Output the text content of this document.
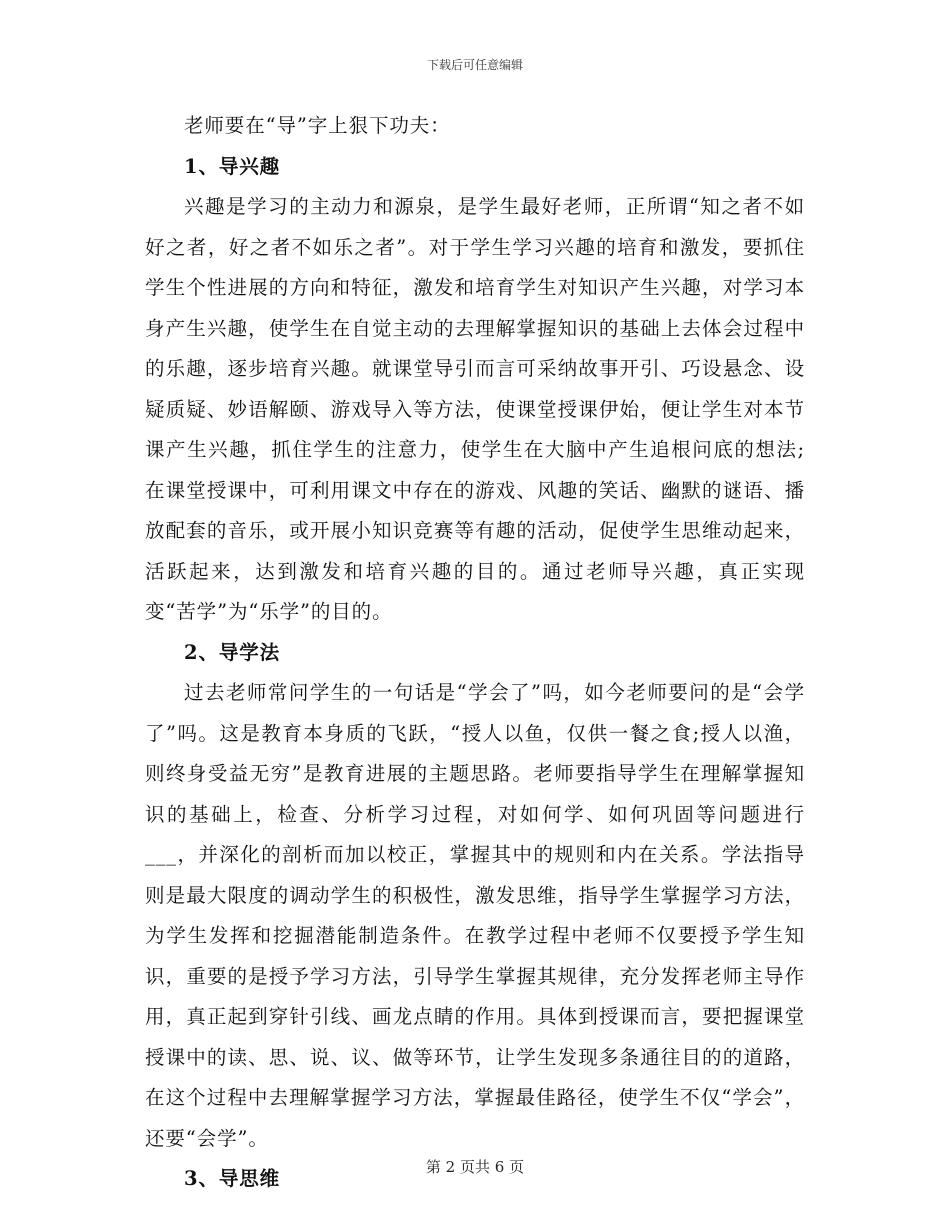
下载后可任意编辑

老师要在“导”字上狠下功夫：

1、导兴趣

兴趣是学习的主动力和源泉，是学生最好老师，正所谓“知之者不如好之者，好之者不如乐之者”。对于学生学习兴趣的培育和激发，要抓住学生个性进展的方向和特征，激发和培育学生对知识产生兴趣，对学习本身产生兴趣，使学生在自觉主动的去理解掌握知识的基础上去体会过程中的乐趣，逐步培育兴趣。就课堂导引而言可采纳故事开引、巧设悬念、设疑质疑、妙语解颐、游戏导入等方法，使课堂授课伊始，便让学生对本节课产生兴趣，抓住学生的注意力，使学生在大脑中产生追根问底的想法;在课堂授课中，可利用课文中存在的游戏、风趣的笑话、幽默的谜语、播放配套的音乐，或开展小知识竞赛等有趣的活动，促使学生思维动起来，活跃起来，达到激发和培育兴趣的目的。通过老师导兴趣，真正实现变“苦学”为“乐学”的目的。

2、导学法

过去老师常问学生的一句话是“学会了”吗，如今老师要问的是“会学了”吗。这是教育本身质的飞跃，“授人以鱼，仅供一餐之食;授人以渔，则终身受益无穷”是教育进展的主题思路。老师要指导学生在理解掌握知识的基础上，检查、分析学习过程，对如何学、如何巩固等问题进行___，并深化的剖析而加以校正，掌握其中的规则和内在关系。学法指导则是最大限度的调动学生的积极性，激发思维，指导学生掌握学习方法，为学生发挥和挖掘潜能制造条件。在教学过程中老师不仅要授予学生知识，重要的是授予学习方法，引导学生掌握其规律，充分发挥老师主导作用，真正起到穿针引线、画龙点睛的作用。具体到授课而言，要把握课堂授课中的读、思、说、议、做等环节，让学生发现多条通往目的的道路，在这个过程中去理解掌握学习方法，掌握最佳路径，使学生不仅“学会”，还要“会学”。

3、导思维	第 2 页共 6 页
